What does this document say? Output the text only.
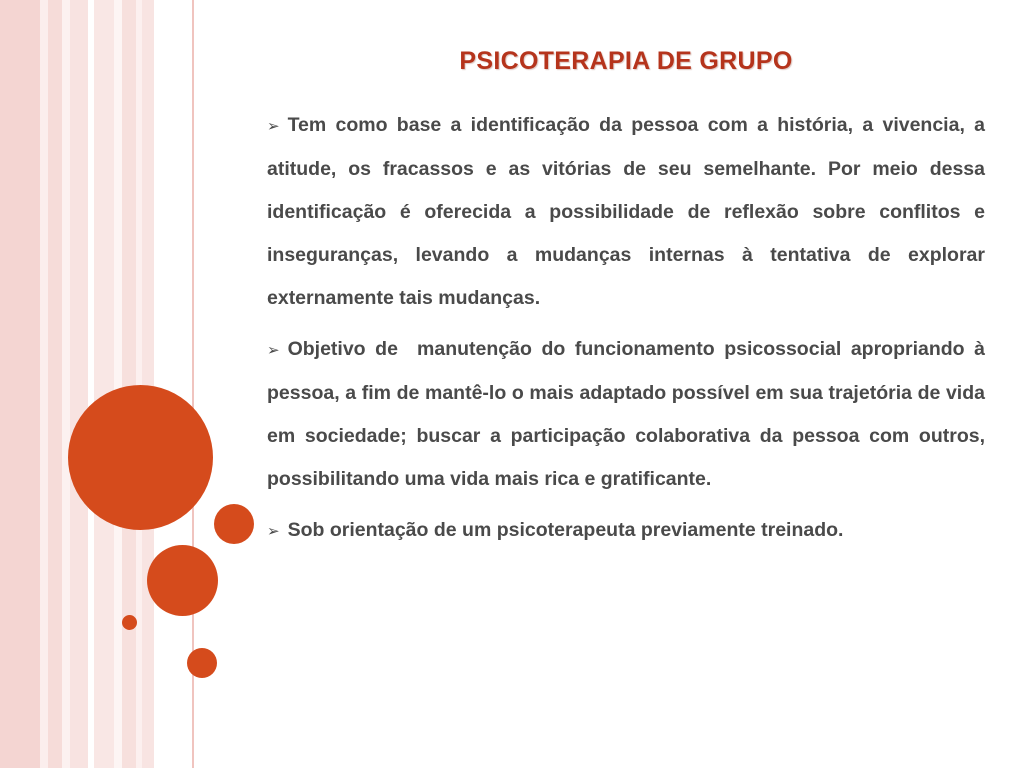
PSICOTERAPIA DE GRUPO
➢ Tem como base a identificação da pessoa com a história, a vivencia, a atitude, os fracassos e as vitórias de seu semelhante. Por meio dessa identificação é oferecida a possibilidade de reflexão sobre conflitos e inseguranças, levando a mudanças internas à tentativa de explorar externamente tais mudanças.
➢ Objetivo de  manutenção do funcionamento psicossocial apropriando à pessoa, a fim de mantê-lo o mais adaptado possível em sua trajetória de vida em sociedade; buscar a participação colaborativa da pessoa com outros, possibilitando uma vida mais rica e gratificante.
➢ Sob orientação de um psicoterapeuta previamente treinado.
